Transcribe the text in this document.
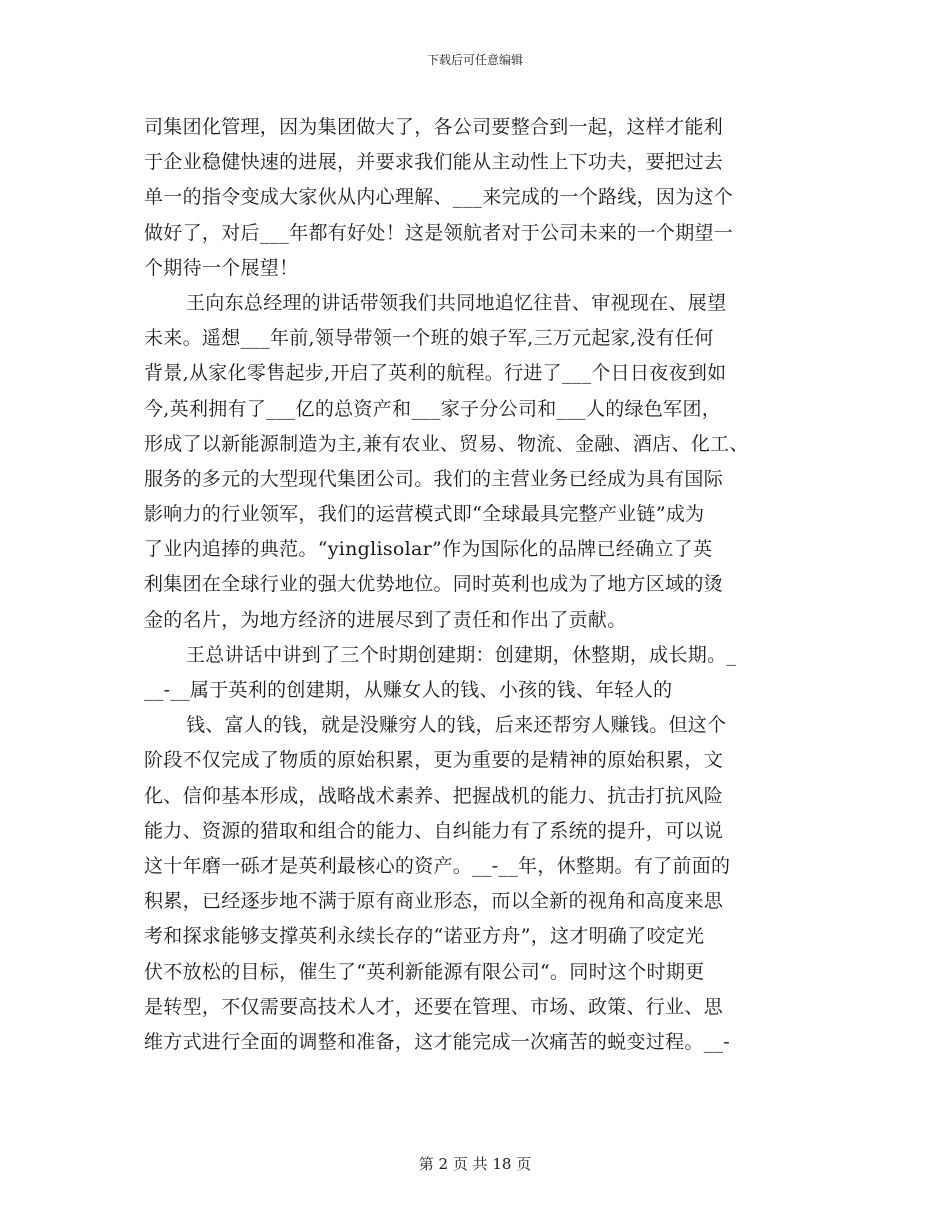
下载后可任意编辑
司集团化管理，因为集团做大了，各公司要整合到一起，这样才能利
于企业稳健快速的进展，并要求我们能从主动性上下功夫，要把过去
单一的指令变成大家伙从内心理解、___来完成的一个路线，因为这个
做好了，对后___年都有好处！这是领航者对于公司未来的一个期望一
个期待一个展望！
王向东总经理的讲话带领我们共同地追忆往昔、审视现在、展望
未来。遥想___年前,领导带领一个班的娘子军,三万元起家,没有任何
背景,从家化零售起步,开启了英利的航程。行进了___个日日夜夜到如
今,英利拥有了___亿的总资产和___家子分公司和___人的绿色军团，
形成了以新能源制造为主,兼有农业、贸易、物流、金融、酒店、化工、
服务的多元的大型现代集团公司。我们的主营业务已经成为具有国际
影响力的行业领军，我们的运营模式即“全球最具完整产业链”成为
了业内追捧的典范。“yinglisolar”作为国际化的品牌已经确立了英
利集团在全球行业的强大优势地位。同时英利也成为了地方区域的烫
金的名片，为地方经济的进展尽到了责任和作出了贡献。
王总讲话中讲到了三个时期创建期：创建期，休整期，成长期。_
__-__属于英利的创建期，从赚女人的钱、小孩的钱、年轻人的
钱、富人的钱，就是没赚穷人的钱，后来还帮穷人赚钱。但这个
阶段不仅完成了物质的原始积累，更为重要的是精神的原始积累，文
化、信仰基本形成，战略战术素养、把握战机的能力、抗击打抗风险
能力、资源的猎取和组合的能力、自纠能力有了系统的提升，可以说
这十年磨一砾才是英利最核心的资产。__-__年，休整期。有了前面的
积累，已经逐步地不满于原有商业形态，而以全新的视角和高度来思
考和探求能够支撑英利永续长存的“诺亚方舟”，这才明确了咬定光
伏不放松的目标，催生了“英利新能源有限公司“。同时这个时期更
是转型，不仅需要高技术人才，还要在管理、市场、政策、行业、思
维方式进行全面的调整和准备，这才能完成一次痛苦的蜕变过程。__-
第 2 页 共 18 页
